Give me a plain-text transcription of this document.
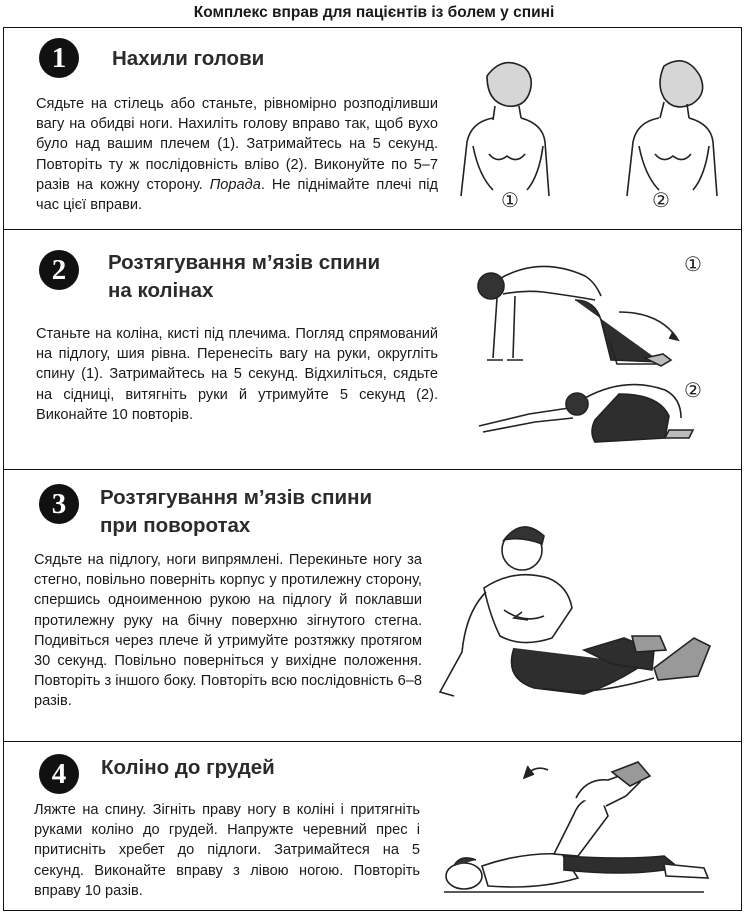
Комплекс вправ для пацієнтів із болем у спині
1	Нахили голови
Сядьте на стілець або станьте, рівномірно розподіливши вагу на обидві ноги. Нахиліть голову вправо так, щоб вухо було над вашим плечем (1). Затримайтесь на 5 секунд. Повторіть ту ж послідовність вліво (2). Виконуйте по 5–7 разів на кожну сторону. Порада. Не піднімайте плечі під час цієї вправи.	①	②
2	Розтягування м’язів спини
на колінах
Станьте на коліна, кисті під плечима. Погляд спрямований на підлогу, шия рівна. Перенесіть вагу на руки, округліть спину (1). Затримайтесь на 5 секунд. Відхиліться, сядьте на сідниці, витягніть руки й утримуйте 5 секунд (2). Виконайте 10 повторів.
①
②
3	Розтягування м’язів спини
при поворотах
Сядьте на підлогу, ноги випрямлені. Перекиньте ногу за стегно, повільно поверніть корпус у протилежну сторону, спершись одноименною рукою на підлогу й поклавши протилежну руку на бічну поверхню зігнутого стегна. Подивіться через плече й утримуйте розтяжку протягом 30 секунд. Повільно поверніться у вихідне положення. Повторіть з іншого боку. Повторіть всю послідовність 6–8 разів.
4	Коліно до грудей
Ляжте на спину. Зігніть праву ногу в коліні і притягніть руками коліно до грудей. Напружте черевний прес і притисніть хребет до підлоги. Затримайтеся на 5 секунд. Виконайте вправу з лівою ногою. Повторіть вправу 10 разів.
